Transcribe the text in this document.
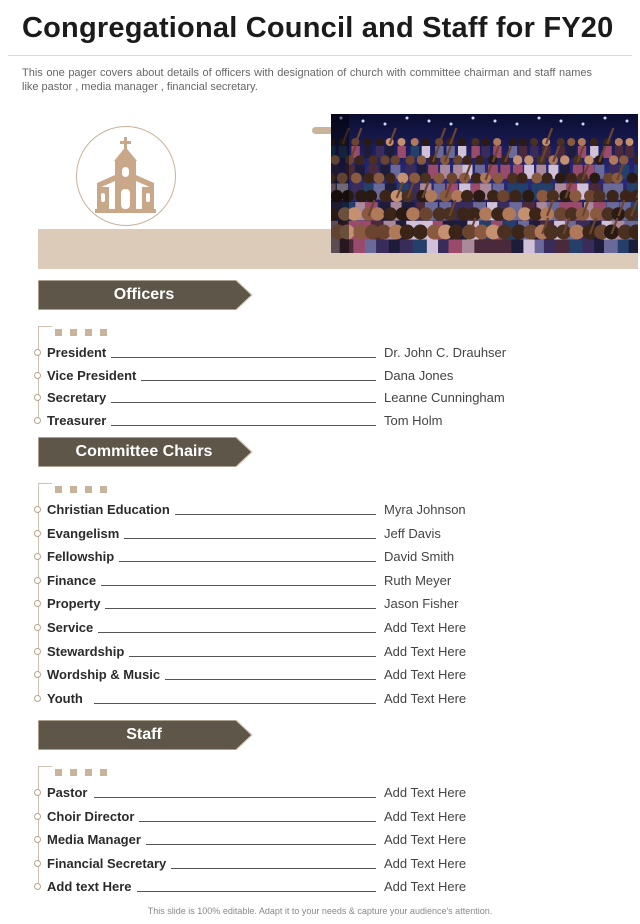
Congregational Council and Staff for FY20
This one pager covers about details of officers with designation of church with committee chairman and staff names like pastor , media manager , financial secretary.
Officers
President	Dr. John C. Drauhser
Vice President	Dana Jones
Secretary	Leanne Cunningham
Treasurer	Tom Holm
Committee Chairs
Christian Education	Myra Johnson
Evangelism	Jeff Davis
Fellowship	David Smith
Finance	Ruth Meyer
Property	Jason Fisher
Service	Add Text Here
Stewardship	Add Text Here
Wordship & Music	Add Text Here
Youth	Add Text Here
Staff
Pastor	Add Text Here
Choir Director	Add Text Here
Media Manager	Add Text Here
Financial Secretary	Add Text Here
Add text Here	Add Text Here
This slide is 100% editable. Adapt it to your needs & capture your audience's attention.
